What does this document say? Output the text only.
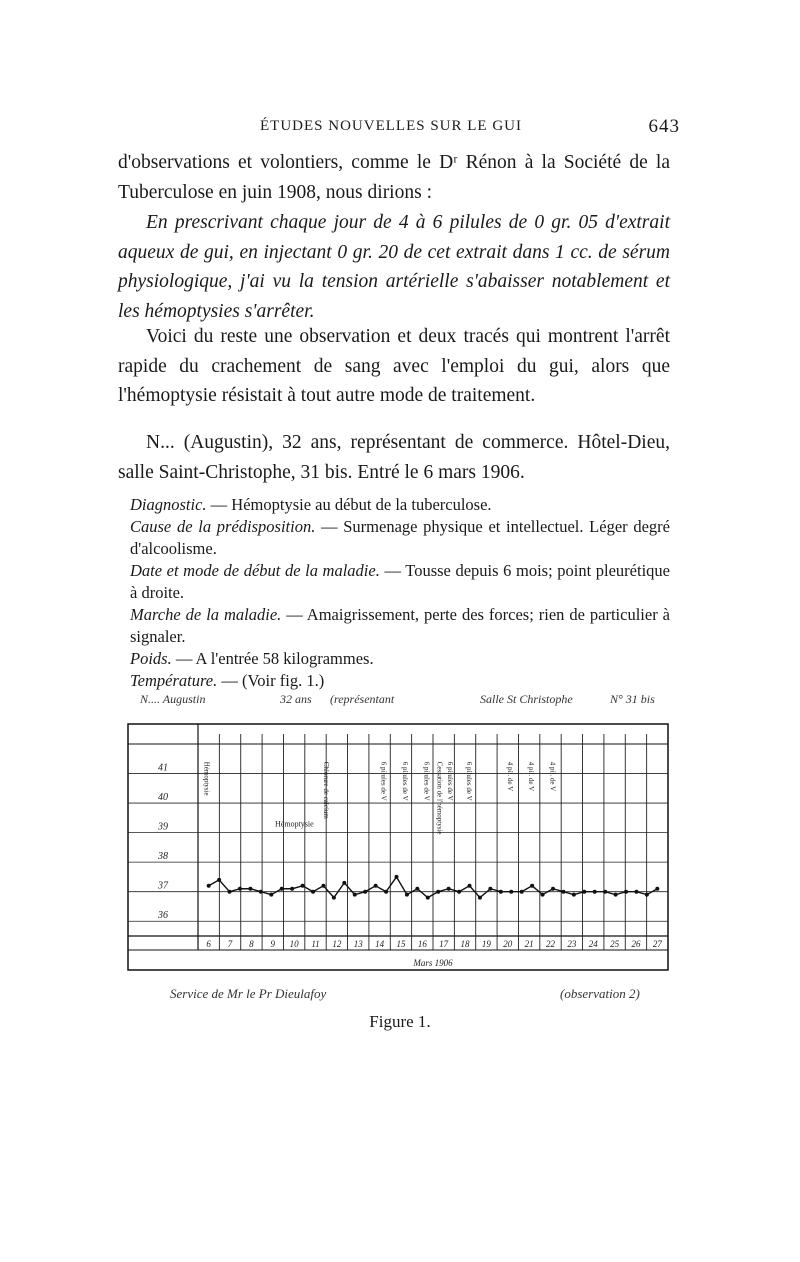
ÉTUDES NOUVELLES SUR LE GUI	643
d'observations et volontiers, comme le Dʳ Rénon à la Société de la Tuberculose en juin 1908, nous dirions :
En prescrivant chaque jour de 4 à 6 pilules de 0 gr. 05 d'extrait aqueux de gui, en injectant 0 gr. 20 de cet extrait dans 1 cc. de sérum physiologique, j'ai vu la tension artérielle s'abaisser notablement et les hémoptysies s'arrêter.
Voici du reste une observation et deux tracés qui montrent l'arrêt rapide du crachement de sang avec l'emploi du gui, alors que l'hémoptysie résistait à tout autre mode de traitement.
N... (Augustin), 32 ans, représentant de commerce. Hôtel-Dieu, salle Saint-Christophe, 31 bis. Entré le 6 mars 1906.
Diagnostic. — Hémoptysie au début de la tuberculose.
Cause de la prédisposition. — Surmenage physique et intellectuel. Léger degré d'alcoolisme.
Date et mode de début de la maladie. — Tousse depuis 6 mois; point pleurétique à droite.
Marche de la maladie. — Amaigrissement, perte des forces; rien de particulier à signaler.
Poids. — A l'entrée 58 kilogrammes.
Température. — (Voir fig. 1.)
N.... Augustin	32 ans (représentant	Salle St Christophe	N° 31 bis
41
40
39
38
37
36
6 7 8 9 10 11 12 13 14 15 16 17 18 19 20 21 22 23 24 25 26 27
Mars 1906
Hémoptysie
Hémoptysie
Chlorure de calcium	6 pilules de V 6 pilules de V 6 pilules de V Cessation de l'hémoptysie 6 pilules de V 6 pilules de V	4 pil. de V 4 pil. de V 4 pil. de V
Service de Mr le Pr Dieulafoy	(observation 2)
Figure 1.
